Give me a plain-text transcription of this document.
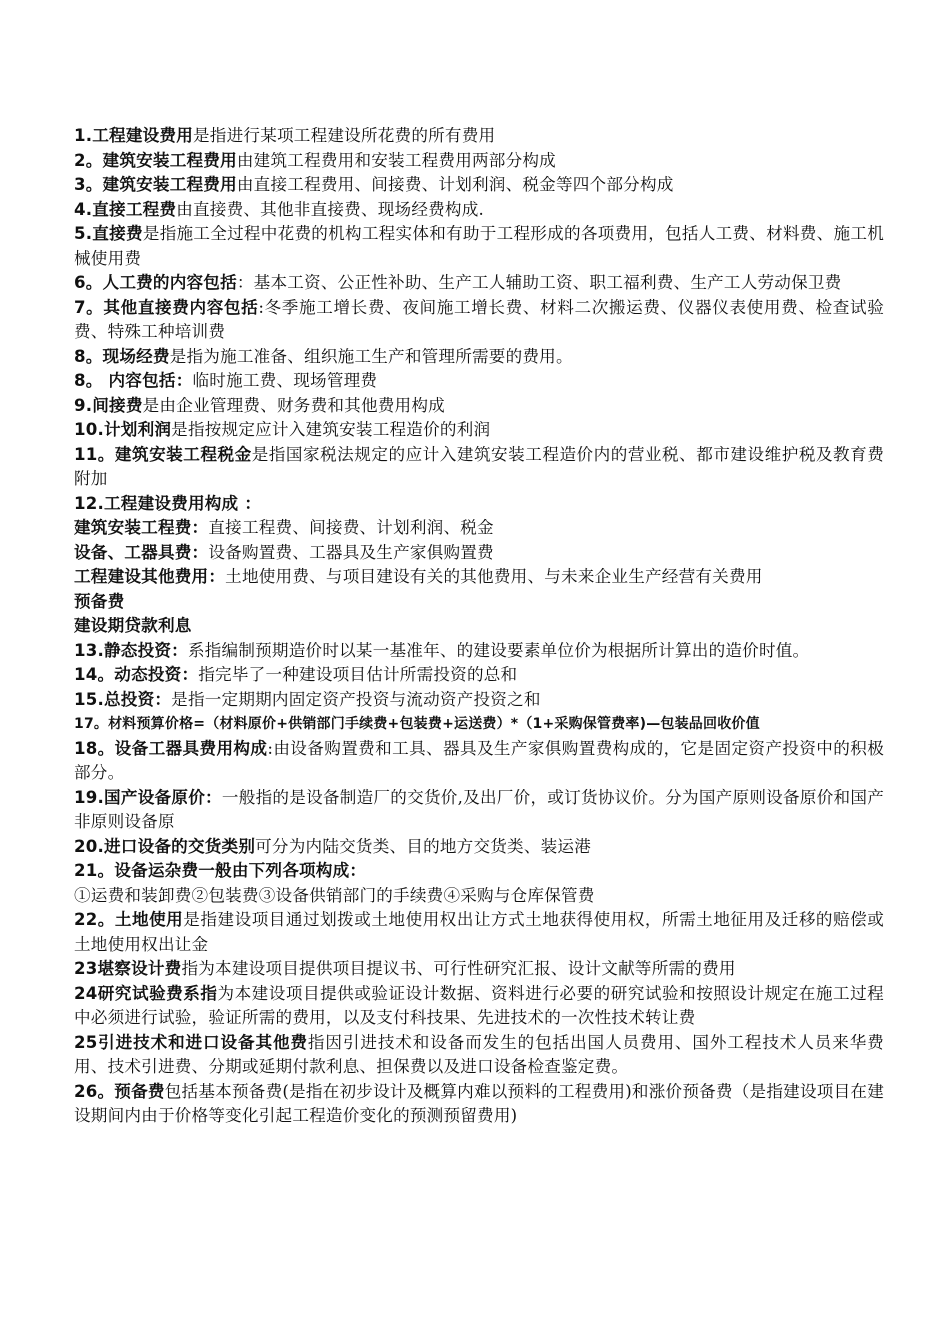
1.工程建设费用是指进行某项工程建设所花费的所有费用

2。建筑安装工程费用由建筑工程费用和安装工程费用两部分构成

3。建筑安装工程费用由直接工程费用、间接费、计划利润、税金等四个部分构成

4.直接工程费由直接费、其他非直接费、现场经费构成.

5.直接费是指施工全过程中花费的机构工程实体和有助于工程形成的各项费用，包括人工费、材料费、施工机械使用费

6。人工费的内容包括：基本工资、公正性补助、生产工人辅助工资、职工福利费、生产工人劳动保卫费

7。其他直接费内容包括:冬季施工增长费、夜间施工增长费、材料二次搬运费、仪器仪表使用费、检查试验费、特殊工种培训费

8。现场经费是指为施工准备、组织施工生产和管理所需要的费用。

8。 内容包括：临时施工费、现场管理费

9.间接费是由企业管理费、财务费和其他费用构成

10.计划利润是指按规定应计入建筑安装工程造价的利润

11。建筑安装工程税金是指国家税法规定的应计入建筑安装工程造价内的营业税、都市建设维护税及教育费附加

12.工程建设费用构成 ：

建筑安装工程费：直接工程费、间接费、计划利润、税金

设备、工器具费：设备购置费、工器具及生产家俱购置费

工程建设其他费用：土地使用费、与项目建设有关的其他费用、与未来企业生产经营有关费用

预备费

建设期贷款利息

13.静态投资：系指编制预期造价时以某一基准年、的建设要素单位价为根据所计算出的造价时值。

14。动态投资：指完毕了一种建设项目估计所需投资的总和

15.总投资：是指一定期期内固定资产投资与流动资产投资之和

17。材料预算价格=（材料原价+供销部门手续费+包装费+运送费）*（1+采购保管费率)—包装品回收价值

18。设备工器具费用构成:由设备购置费和工具、器具及生产家俱购置费构成的，它是固定资产投资中的积极部分。

19.国产设备原价：一般指的是设备制造厂的交货价,及出厂价，或订货协议价。分为国产原则设备原价和国产非原则设备原

20.进口设备的交货类别可分为内陆交货类、目的地方交货类、装运港

21。设备运杂费一般由下列各项构成：

①运费和装卸费②包装费③设备供销部门的手续费④采购与仓库保管费

22。土地使用是指建设项目通过划拨或土地使用权出让方式土地获得使用权，所需土地征用及迁移的赔偿或土地使用权出让金

23堪察设计费指为本建设项目提供项目提议书、可行性研究汇报、设计文献等所需的费用

24研究试验费系指为本建设项目提供或验证设计数据、资料进行必要的研究试验和按照设计规定在施工过程中必须进行试验，验证所需的费用，以及支付科技果、先进技术的一次性技术转让费

25引进技术和进口设备其他费指因引进技术和设备而发生的包括出国人员费用、国外工程技术人员来华费用、技术引进费、分期或延期付款利息、担保费以及进口设备检查鉴定费。

26。预备费包括基本预备费(是指在初步设计及概算内难以预料的工程费用)和涨价预备费（是指建设项目在建设期间内由于价格等变化引起工程造价变化的预测预留费用)
